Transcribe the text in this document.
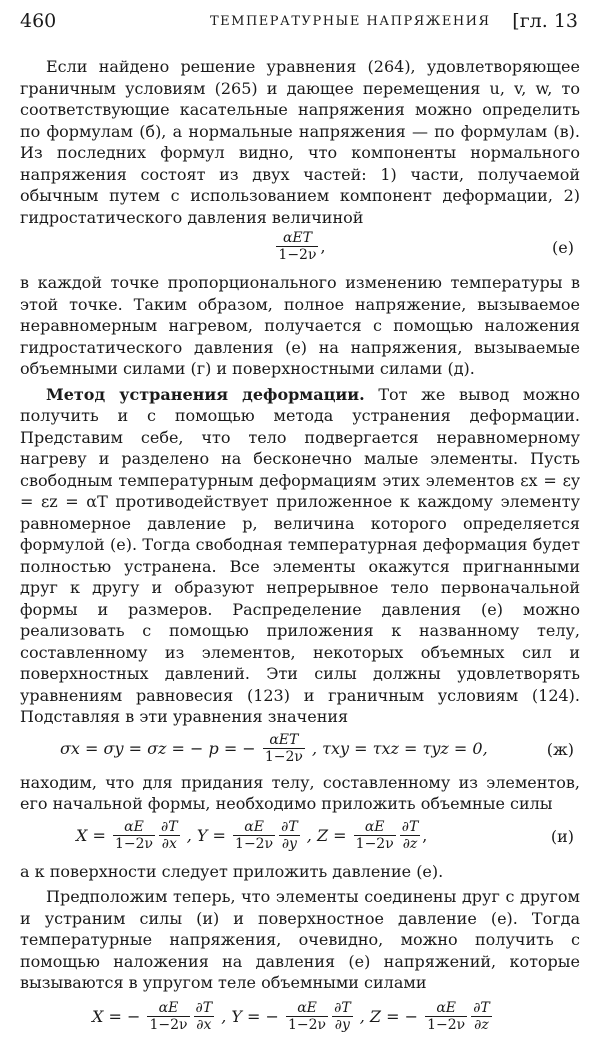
460	ТЕМПЕРАТУРНЫЕ НАПРЯЖЕНИЯ [гл. 13

Если найдено решение уравнения (264), удовлетворяющее граничным условиям (265) и дающее перемещения u, v, w, то соответствующие касательные напряжения можно определить по формулам (б), а нормальные напряжения — по формулам (в). Из последних формул видно, что компоненты нормального напряжения состоят из двух частей: 1) части, получаемой обычным путем с использованием компонент деформации, 2) гидростатического давления величиной

$\frac{\text{αET}}{1-2\nu}$ ,	(е)

в каждой точке пропорционального изменению температуры в этой точке. Таким образом, полное напряжение, вызываемое неравномерным нагревом, получается с помощью наложения гидростатического давления (е) на напряжения, вызываемые объемными силами (г) и поверхностными силами (д).

Метод устранения деформации. Тот же вывод можно получить и с помощью метода устранения деформации. Представим себе, что тело подвергается неравномерному нагреву и разделено на бесконечно малые элементы. Пусть свободным температурным деформациям этих элементов εx = εy = εz = αT противодействует приложенное к каждому элементу равномерное давление p, величина которого определяется формулой (е). Тогда свободная температурная деформация будет полностью устранена. Все элементы окажутся пригнанными друг к другу и образуют непрерывное тело первоначальной формы и размеров. Распределение давления (е) можно реализовать с помощью приложения к названному телу, составленному из элементов, некоторых объемных сил и поверхностных давлений. Эти силы должны удовлетворять уравнениям равновесия (123) и граничным условиям (124). Подставляя в эти уравнения значения

σx = σy = σz = − p = − $\frac{\text{αET}}{1-2\nu}$ , τxy = τxz = τyz = 0,	(ж)

находим, что для придания телу, составленному из элементов, его начальной формы, необходимо приложить объемные силы

$X = \frac{\alpha E}{1-2\nu} \frac{\partial T}{\partial x}$ , $Y = \frac{\alpha E}{1-2\nu} \frac{\partial T}{\partial y}$ , $Z = \frac{\alpha E}{1-2\nu} \frac{\partial T}{\partial z}$ ,	(и)

а к поверхности следует приложить давление (е).

Предположим теперь, что элементы соединены друг с другом и устраним силы (и) и поверхностное давление (е). Тогда температурные напряжения, очевидно, можно получить с помощью наложения на давления (е) напряжений, которые вызываются в упругом теле объемными силами

X = − $\frac{\alpha E}{1-2\nu} \frac{\partial T}{\partial x}$ , Y = − $\frac{\alpha E}{1-2\nu} \frac{\partial T}{\partial y}$ , Z = − $\frac{\alpha E}{1-2\nu} \frac{\partial T}{\partial z}$
